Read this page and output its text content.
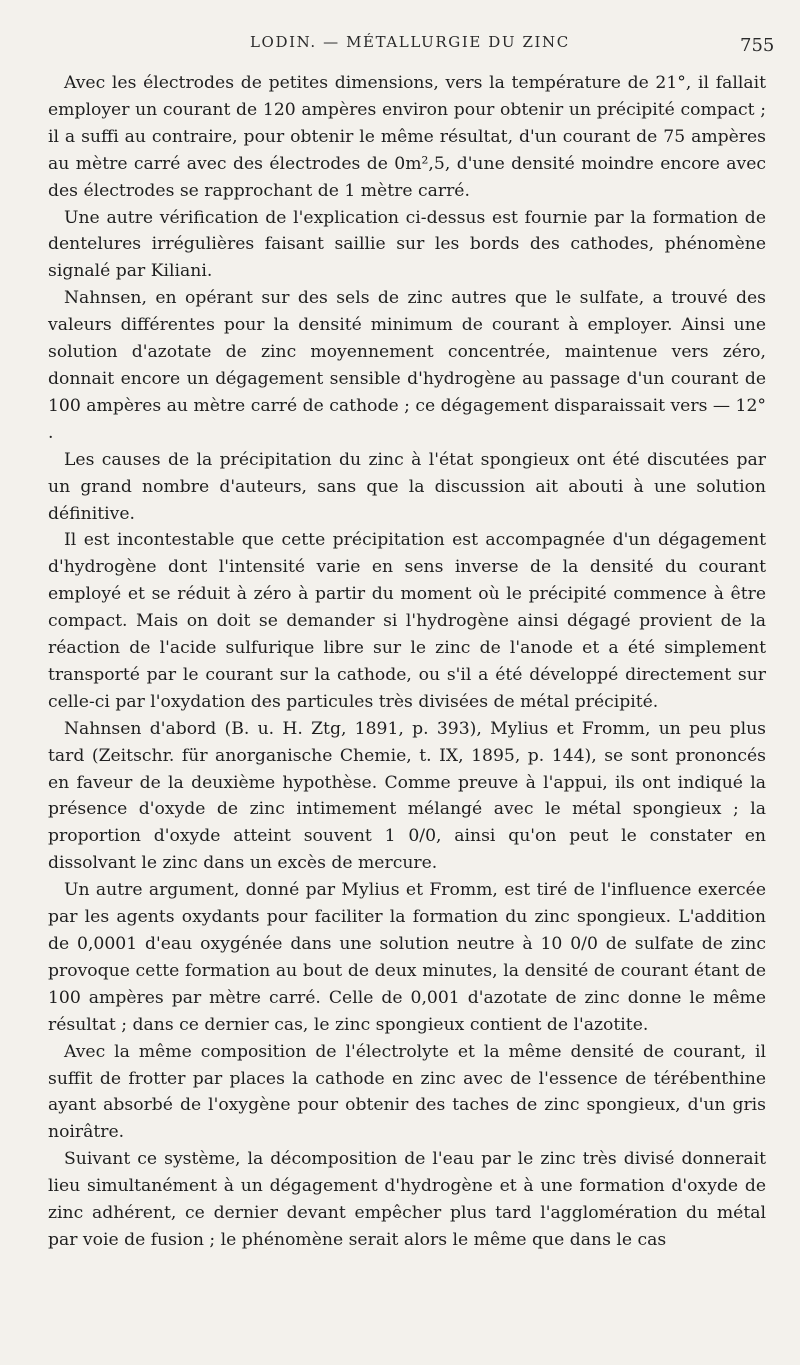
LODIN. — MÉTALLURGIE DU ZINC	755

Avec les électrodes de petites dimensions, vers la température de 21°, il fallait employer un courant de 120 ampères environ pour obtenir un précipité compact ; il a suffi au contraire, pour obtenir le même résultat, d'un courant de 75 ampères au mètre carré avec des électrodes de 0m²,5, d'une densité moindre encore avec des électrodes se rapprochant de 1 mètre carré.

Une autre vérification de l'explication ci-dessus est fournie par la formation de dentelures irrégulières faisant saillie sur les bords des cathodes, phénomène signalé par Kiliani.

Nahnsen, en opérant sur des sels de zinc autres que le sulfate, a trouvé des valeurs différentes pour la densité minimum de courant à employer. Ainsi une solution d'azotate de zinc moyennement concentrée, maintenue vers zéro, donnait encore un dégagement sensible d'hydrogène au passage d'un courant de 100 ampères au mètre carré de cathode ; ce dégagement disparaissait vers — 12° .

Les causes de la précipitation du zinc à l'état spongieux ont été discutées par un grand nombre d'auteurs, sans que la discussion ait abouti à une solution définitive.

Il est incontestable que cette précipitation est accompagnée d'un dégagement d'hydrogène dont l'intensité varie en sens inverse de la densité du courant employé et se réduit à zéro à partir du moment où le précipité commence à être compact. Mais on doit se demander si l'hydrogène ainsi dégagé provient de la réaction de l'acide sulfurique libre sur le zinc de l'anode et a été simplement transporté par le courant sur la cathode, ou s'il a été développé directement sur celle-ci par l'oxydation des particules très divisées de métal précipité.

Nahnsen d'abord (B. u. H. Ztg, 1891, p. 393), Mylius et Fromm, un peu plus tard (Zeitschr. für anorganische Chemie, t. IX, 1895, p. 144), se sont prononcés en faveur de la deuxième hypothèse. Comme preuve à l'appui, ils ont indiqué la présence d'oxyde de zinc intimement mélangé avec le métal spongieux ; la proportion d'oxyde atteint souvent 1 0/0, ainsi qu'on peut le constater en dissolvant le zinc dans un excès de mercure.

Un autre argument, donné par Mylius et Fromm, est tiré de l'influence exercée par les agents oxydants pour faciliter la formation du zinc spongieux. L'addition de 0,0001 d'eau oxygénée dans une solution neutre à 10 0/0 de sulfate de zinc provoque cette formation au bout de deux minutes, la densité de courant étant de 100 ampères par mètre carré. Celle de 0,001 d'azotate de zinc donne le même résultat ; dans ce dernier cas, le zinc spongieux contient de l'azotite.

Avec la même composition de l'électrolyte et la même densité de courant, il suffit de frotter par places la cathode en zinc avec de l'essence de térébenthine ayant absorbé de l'oxygène pour obtenir des taches de zinc spongieux, d'un gris noirâtre.

Suivant ce système, la décomposition de l'eau par le zinc très divisé donnerait lieu simultanément à un dégagement d'hydrogène et à une formation d'oxyde de zinc adhérent, ce dernier devant empêcher plus tard l'agglomération du métal par voie de fusion ; le phénomène serait alors le même que dans le cas
